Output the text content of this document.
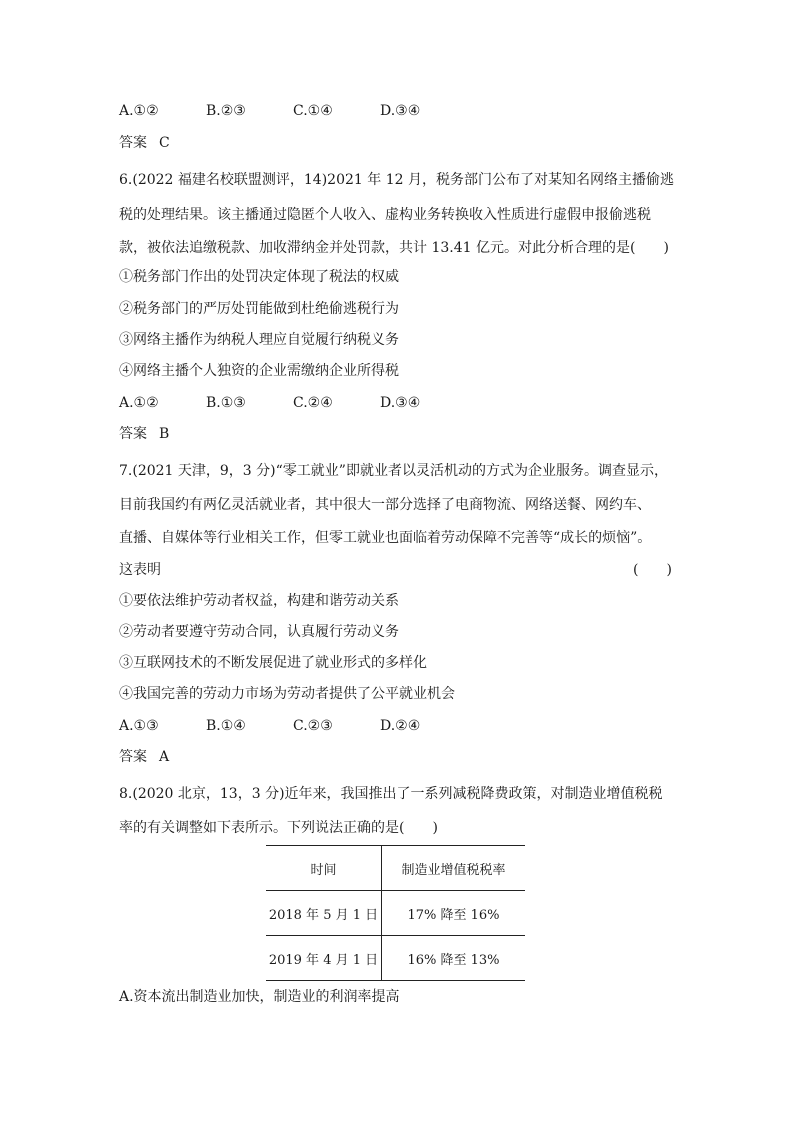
A.①②	B.②③	C.①④	D.③④
答案 C
6.(2022 福建名校联盟测评，14)2021 年 12 月，税务部门公布了对某知名网络主播偷逃
税的处理结果。该主播通过隐匿个人收入、虚构业务转换收入性质进行虚假申报偷逃税
款，被依法追缴税款、加收滞纳金并处罚款，共计 13.41 亿元。对此分析合理的是(　　)
①税务部门作出的处罚决定体现了税法的权威
②税务部门的严厉处罚能做到杜绝偷逃税行为
③网络主播作为纳税人理应自觉履行纳税义务
④网络主播个人独资的企业需缴纳企业所得税
A.①②	B.①③	C.②④	D.③④
答案 B
7.(2021 天津，9，3 分)“零工就业”即就业者以灵活机动的方式为企业服务。调查显示，
目前我国约有两亿灵活就业者，其中很大一部分选择了电商物流、网络送餐、网约车、
直播、自媒体等行业相关工作，但零工就业也面临着劳动保障不完善等“成长的烦恼”。
这表明	(　　)
①要依法维护劳动者权益，构建和谐劳动关系
②劳动者要遵守劳动合同，认真履行劳动义务
③互联网技术的不断发展促进了就业形式的多样化
④我国完善的劳动力市场为劳动者提供了公平就业机会
A.①③	B.①④	C.②③	D.②④
答案 A
8.(2020 北京，13，3 分)近年来，我国推出了一系列减税降费政策，对制造业增值税税
率的有关调整如下表所示。下列说法正确的是(　　)
时间	制造业增值税税率
2018 年 5 月 1 日	17% 降至 16%
2019 年 4 月 1 日	16% 降至 13%
A.资本流出制造业加快，制造业的利润率提高
